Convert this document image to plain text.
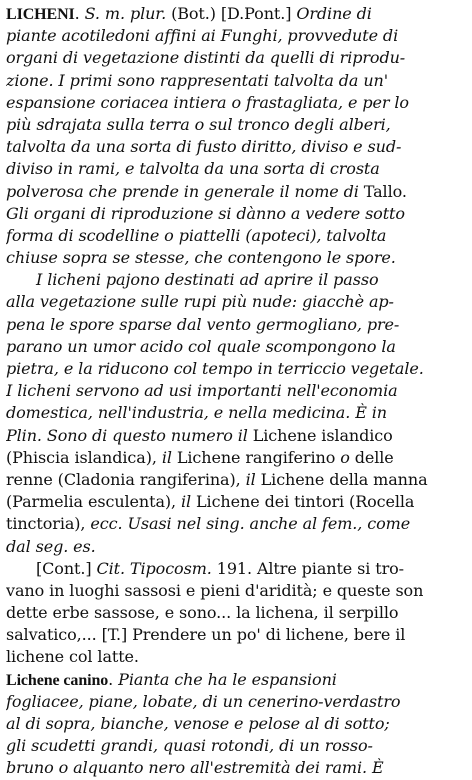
LICHENI. S. m. plur. (Bot.) [D.Pont.] Ordine di
piante acotiledoni affini ai Funghi, provvedute di
organi di vegetazione distinti da quelli di riprodu-
zione. I primi sono rappresentati talvolta da un'
espansione coriacea intiera o frastagliata, e per lo
più sdrajata sulla terra o sul tronco degli alberi,
talvolta da una sorta di fusto diritto, diviso e sud-
diviso in rami, e talvolta da una sorta di crosta
polverosa che prende in generale il nome di Tallo.
Gli organi di riproduzione si dànno a vedere sotto
forma di scodelline o piattelli (apoteci), talvolta
chiuse sopra se stesse, che contengono le spore.
I licheni pajono destinati ad aprire il passo
alla vegetazione sulle rupi più nude: giacchè ap-
pena le spore sparse dal vento germogliano, pre-
parano un umor acido col quale scompongono la
pietra, e la riducono col tempo in terriccio vegetale.
I licheni servono ad usi importanti nell'economia
domestica, nell'industria, e nella medicina. È in
Plin. Sono di questo numero il Lichene islandico
(Phiscia islandica), il Lichene rangiferino o delle
renne (Cladonia rangiferina), il Lichene della manna
(Parmelia esculenta), il Lichene dei tintori (Rocella
tinctoria), ecc. Usasi nel sing. anche al fem., come
dal seg. es.
[Cont.] Cit. Tipocosm. 191. Altre piante si tro-
vano in luoghi sassosi e pieni d'aridità; e queste son
dette erbe sassose, e sono... la lichena, il serpillo
salvatico,... [T.] Prendere un po' di lichene, bere il
lichene col latte.
Lichene canino. Pianta che ha le espansioni
fogliacee, piane, lobate, di un cenerino-verdastro
al di sopra, bianche, venose e pelose al di sotto;
gli scudetti grandi, quasi rotondi, di un rosso-
bruno o alquanto nero all'estremità dei rami. È
